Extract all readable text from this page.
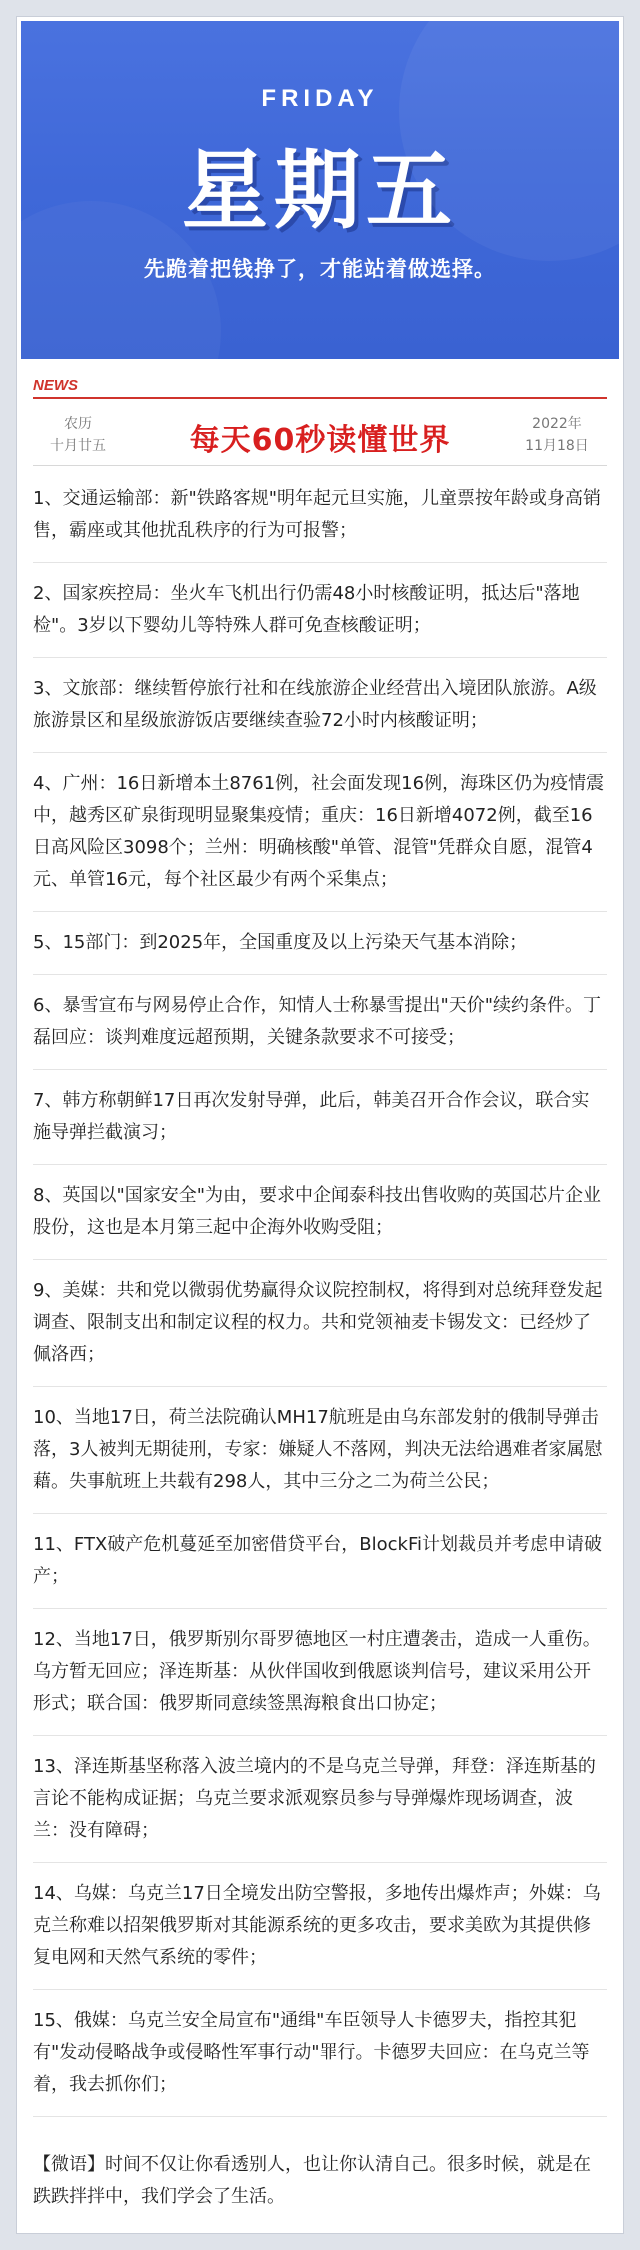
FRIDAY
星期五
先跪着把钱挣了，才能站着做选择。
NEWS
农历
十月廿五	每天60秒读懂世界	2022年
11月18日
1、交通运输部：新"铁路客规"明年起元旦实施，儿童票按年龄或身高销售，霸座或其他扰乱秩序的行为可报警；
2、国家疾控局：坐火车飞机出行仍需48小时核酸证明，抵达后"落地检"。3岁以下婴幼儿等特殊人群可免查核酸证明；
3、文旅部：继续暂停旅行社和在线旅游企业经营出入境团队旅游。A级旅游景区和星级旅游饭店要继续查验72小时内核酸证明；
4、广州：16日新增本土8761例，社会面发现16例，海珠区仍为疫情震中，越秀区矿泉街现明显聚集疫情；重庆：16日新增4072例，截至16日高风险区3098个；兰州：明确核酸"单管、混管"凭群众自愿，混管4元、单管16元，每个社区最少有两个采集点；
5、15部门：到2025年，全国重度及以上污染天气基本消除；
6、暴雪宣布与网易停止合作，知情人士称暴雪提出"天价"续约条件。丁磊回应：谈判难度远超预期，关键条款要求不可接受；
7、韩方称朝鲜17日再次发射导弹，此后，韩美召开合作会议，联合实施导弹拦截演习；
8、英国以"国家安全"为由，要求中企闻泰科技出售收购的英国芯片企业股份，这也是本月第三起中企海外收购受阻；
9、美媒：共和党以微弱优势赢得众议院控制权，将得到对总统拜登发起调查、限制支出和制定议程的权力。共和党领袖麦卡锡发文：已经炒了佩洛西；
10、当地17日，荷兰法院确认MH17航班是由乌东部发射的俄制导弹击落，3人被判无期徒刑，专家：嫌疑人不落网，判决无法给遇难者家属慰藉。失事航班上共载有298人，其中三分之二为荷兰公民；
11、FTX破产危机蔓延至加密借贷平台，BlockFi计划裁员并考虑申请破产；
12、当地17日，俄罗斯别尔哥罗德地区一村庄遭袭击，造成一人重伤。乌方暂无回应；泽连斯基：从伙伴国收到俄愿谈判信号，建议采用公开形式；联合国：俄罗斯同意续签黑海粮食出口协定；
13、泽连斯基坚称落入波兰境内的不是乌克兰导弹，拜登：泽连斯基的言论不能构成证据；乌克兰要求派观察员参与导弹爆炸现场调查，波兰：没有障碍；
14、乌媒：乌克兰17日全境发出防空警报，多地传出爆炸声；外媒：乌克兰称难以招架俄罗斯对其能源系统的更多攻击，要求美欧为其提供修复电网和天然气系统的零件；
15、俄媒：乌克兰安全局宣布"通缉"车臣领导人卡德罗夫，指控其犯有"发动侵略战争或侵略性军事行动"罪行。卡德罗夫回应：在乌克兰等着，我去抓你们；
【微语】时间不仅让你看透别人，也让你认清自己。很多时候，就是在跌跌拌拌中，我们学会了生活。
